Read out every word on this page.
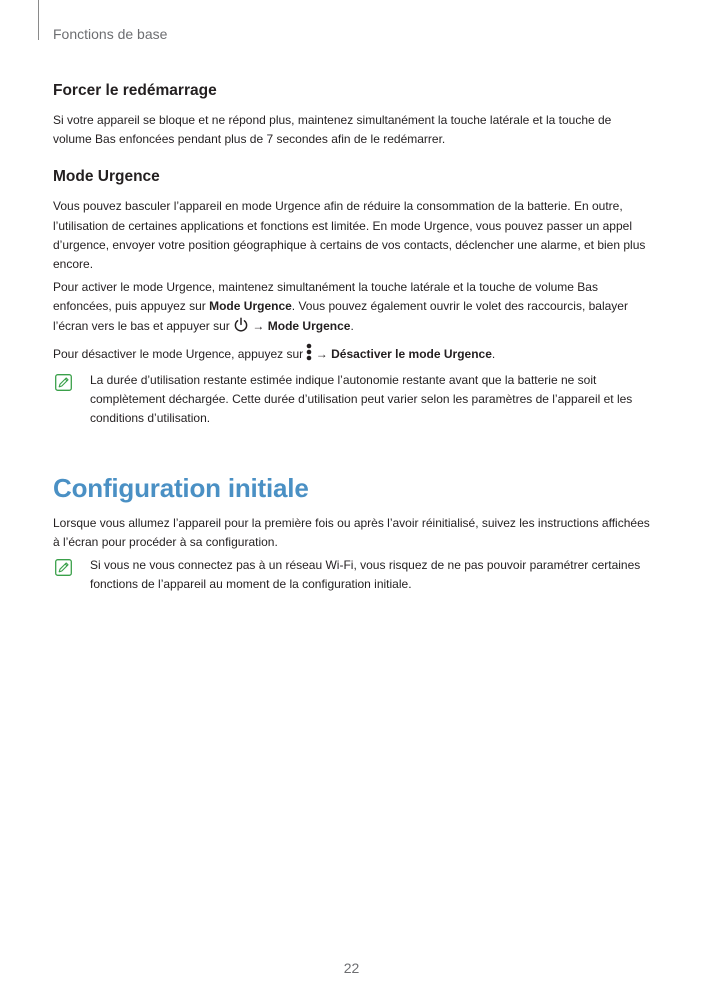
Fonctions de base
Forcer le redémarrage

Si votre appareil se bloque et ne répond plus, maintenez simultanément la touche latérale et la touche de volume Bas enfoncées pendant plus de 7 secondes afin de le redémarrer.

Mode Urgence

Vous pouvez basculer l’appareil en mode Urgence afin de réduire la consommation de la batterie. En outre, l’utilisation de certaines applications et fonctions est limitée. En mode Urgence, vous pouvez passer un appel d’urgence, envoyer votre position géographique à certains de vos contacts, déclencher une alarme, et bien plus encore.

Pour activer le mode Urgence, maintenez simultanément la touche latérale et la touche de volume Bas enfoncées, puis appuyez sur Mode Urgence. Vous pouvez également ouvrir le volet des raccourcis, balayer l’écran vers le bas et appuyer sur  → Mode Urgence.

Pour désactiver le mode Urgence, appuyez sur  → Désactiver le mode Urgence.

La durée d’utilisation restante estimée indique l’autonomie restante avant que la batterie ne soit complètement déchargée. Cette durée d’utilisation peut varier selon les paramètres de l’appareil et les conditions d’utilisation.

Configuration initiale

Lorsque vous allumez l’appareil pour la première fois ou après l’avoir réinitialisé, suivez les instructions affichées à l’écran pour procéder à sa configuration.

Si vous ne vous connectez pas à un réseau Wi-Fi, vous risquez de ne pas pouvoir paramétrer certaines fonctions de l’appareil au moment de la configuration initiale.

22
